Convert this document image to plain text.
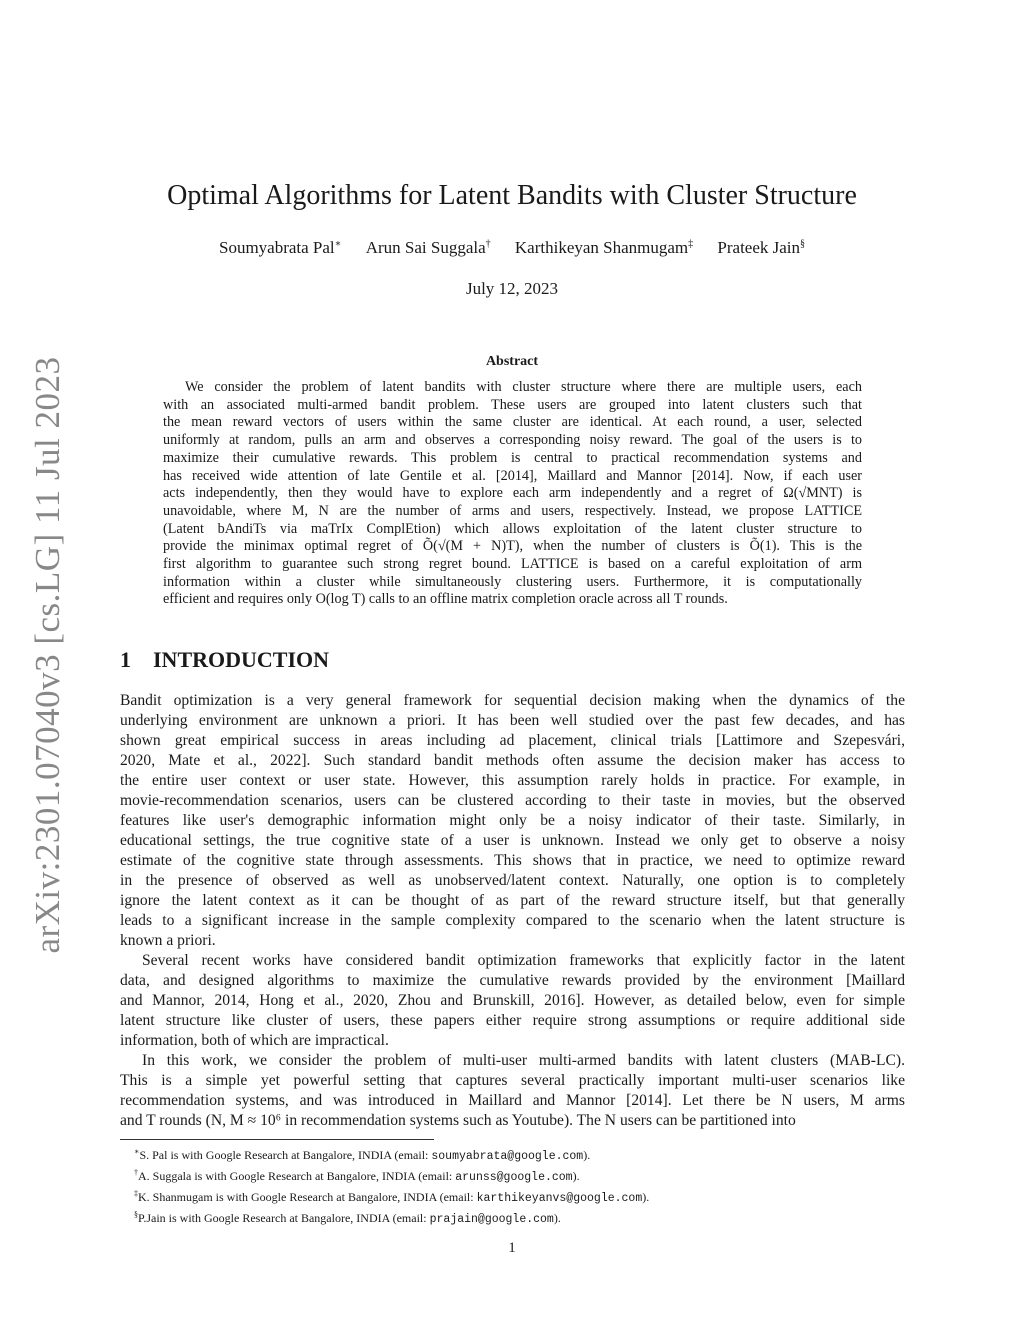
arXiv:2301.07040v3 [cs.LG] 11 Jul 2023
Optimal Algorithms for Latent Bandits with Cluster Structure
Soumyabrata Pal∗ Arun Sai Suggala† Karthikeyan Shanmugam‡ Prateek Jain§
July 12, 2023
Abstract
We consider the problem of latent bandits with cluster structure where there are multiple users, each
with an associated multi-armed bandit problem. These users are grouped into latent clusters such that
the mean reward vectors of users within the same cluster are identical. At each round, a user, selected
uniformly at random, pulls an arm and observes a corresponding noisy reward. The goal of the users is to
maximize their cumulative rewards. This problem is central to practical recommendation systems and
has received wide attention of late Gentile et al. [2014], Maillard and Mannor [2014]. Now, if each user
acts independently, then they would have to explore each arm independently and a regret of Ω(√MNT) is
unavoidable, where M, N are the number of arms and users, respectively. Instead, we propose LATTICE
(Latent bAndiTs via maTrIx ComplEtion) which allows exploitation of the latent cluster structure to
provide the minimax optimal regret of Õ(√(M + N)T), when the number of clusters is Õ(1). This is the
first algorithm to guarantee such strong regret bound. LATTICE is based on a careful exploitation of arm
information within a cluster while simultaneously clustering users. Furthermore, it is computationally
efficient and requires only O(log T) calls to an offline matrix completion oracle across all T rounds.
1 INTRODUCTION
Bandit optimization is a very general framework for sequential decision making when the dynamics of the
underlying environment are unknown a priori. It has been well studied over the past few decades, and has
shown great empirical success in areas including ad placement, clinical trials [Lattimore and Szepesvári,
2020, Mate et al., 2022]. Such standard bandit methods often assume the decision maker has access to
the entire user context or user state. However, this assumption rarely holds in practice. For example, in
movie-recommendation scenarios, users can be clustered according to their taste in movies, but the observed
features like user's demographic information might only be a noisy indicator of their taste. Similarly, in
educational settings, the true cognitive state of a user is unknown. Instead we only get to observe a noisy
estimate of the cognitive state through assessments. This shows that in practice, we need to optimize reward
in the presence of observed as well as unobserved/latent context. Naturally, one option is to completely
ignore the latent context as it can be thought of as part of the reward structure itself, but that generally
leads to a significant increase in the sample complexity compared to the scenario when the latent structure is
known a priori.
Several recent works have considered bandit optimization frameworks that explicitly factor in the latent
data, and designed algorithms to maximize the cumulative rewards provided by the environment [Maillard
and Mannor, 2014, Hong et al., 2020, Zhou and Brunskill, 2016]. However, as detailed below, even for simple
latent structure like cluster of users, these papers either require strong assumptions or require additional side
information, both of which are impractical.
In this work, we consider the problem of multi-user multi-armed bandits with latent clusters (MAB-LC).
This is a simple yet powerful setting that captures several practically important multi-user scenarios like
recommendation systems, and was introduced in Maillard and Mannor [2014]. Let there be N users, M arms
and T rounds (N, M ≈ 10⁶ in recommendation systems such as Youtube). The N users can be partitioned into
∗S. Pal is with Google Research at Bangalore, INDIA (email: soumyabrata@google.com).
†A. Suggala is with Google Research at Bangalore, INDIA (email: arunss@google.com).
‡K. Shanmugam is with Google Research at Bangalore, INDIA (email: karthikeyanvs@google.com).
§P.Jain is with Google Research at Bangalore, INDIA (email: prajain@google.com).
1
